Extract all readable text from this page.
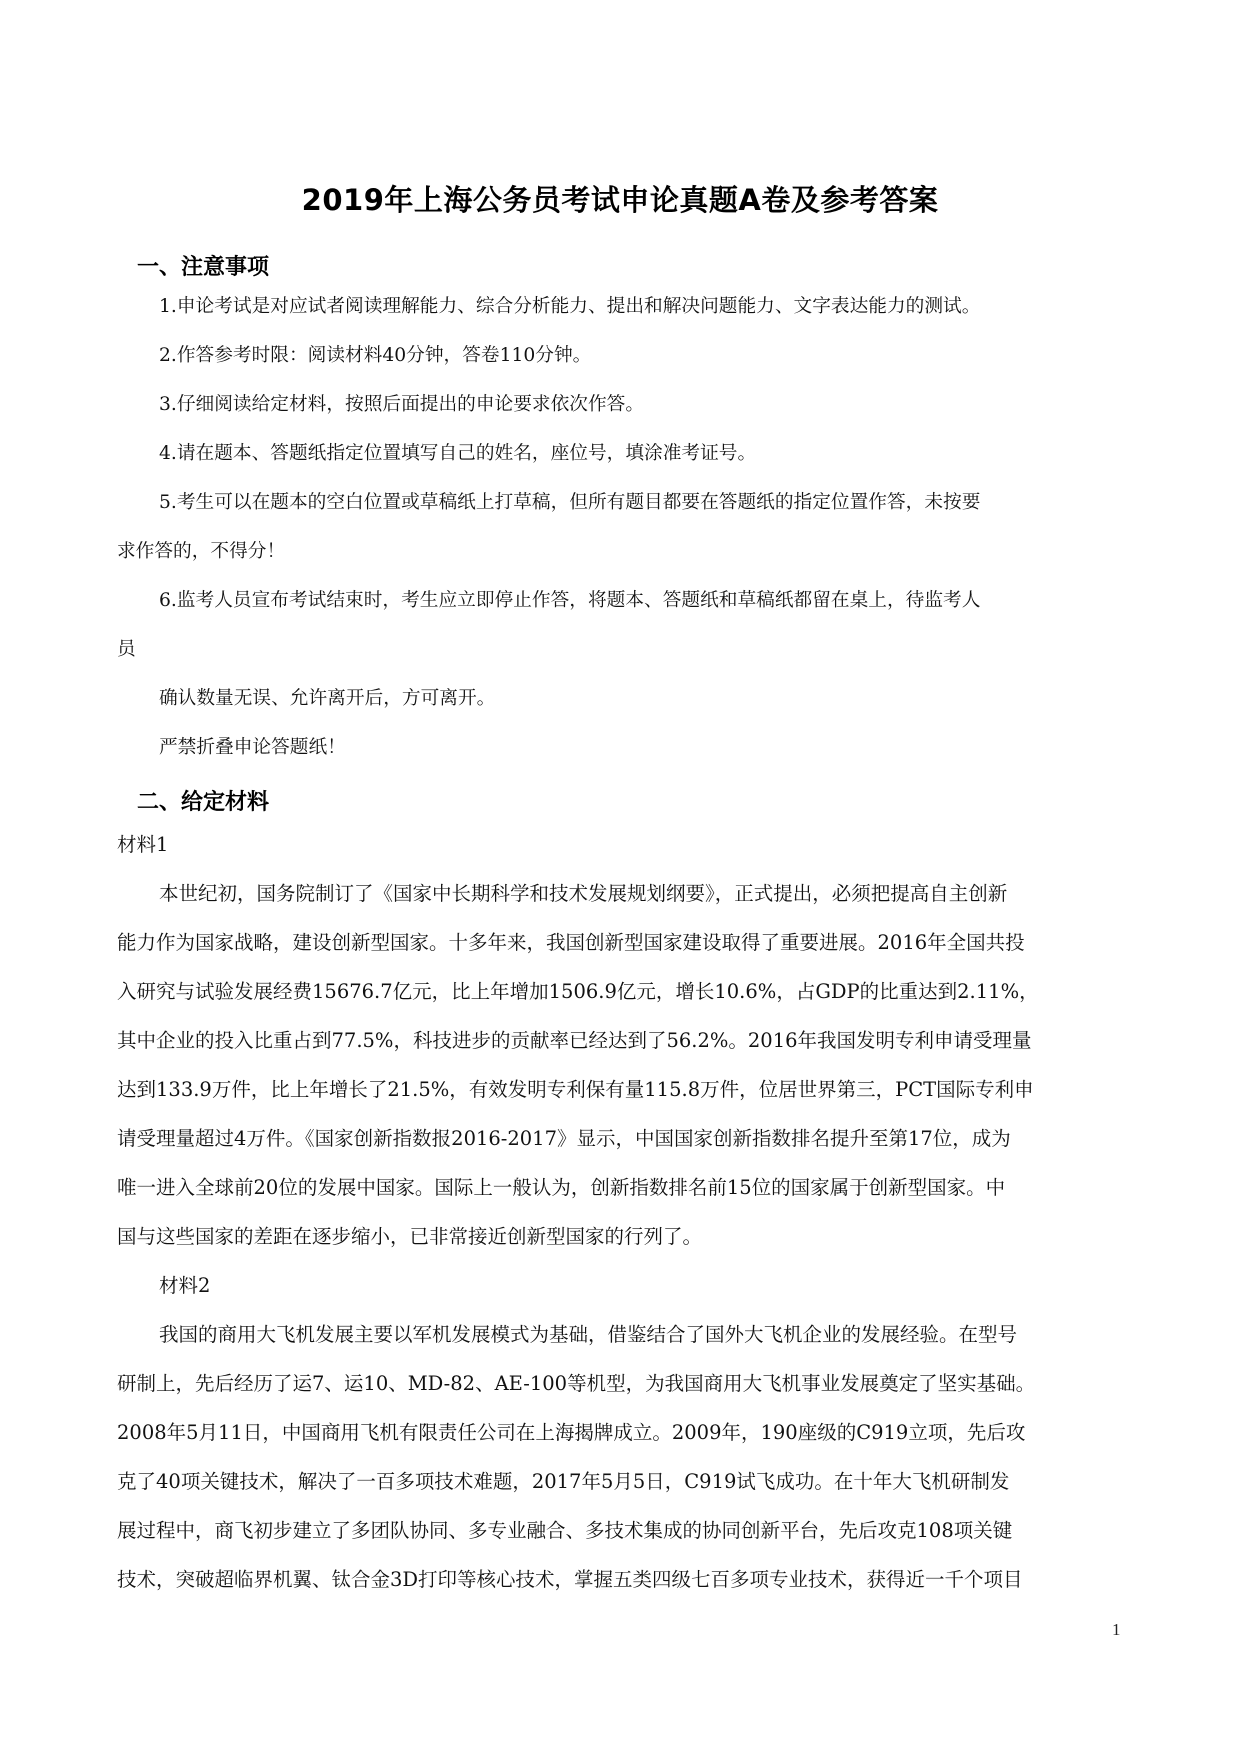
2019年上海公务员考试申论真题A卷及参考答案
一、注意事项
1.申论考试是对应试者阅读理解能力、综合分析能力、提出和解决问题能力、文字表达能力的测试。
2.作答参考时限：阅读材料40分钟，答卷110分钟。
3.仔细阅读给定材料，按照后面提出的申论要求依次作答。
4.请在题本、答题纸指定位置填写自己的姓名，座位号，填涂准考证号。
5.考生可以在题本的空白位置或草稿纸上打草稿，但所有题目都要在答题纸的指定位置作答，未按要
求作答的，不得分！
6.监考人员宣布考试结束时，考生应立即停止作答，将题本、答题纸和草稿纸都留在桌上，待监考人
员
确认数量无误、允许离开后，方可离开。
严禁折叠申论答题纸！
二、给定材料
材料1
本世纪初，国务院制订了《国家中长期科学和技术发展规划纲要》，正式提出，必须把提高自主创新
能力作为国家战略，建设创新型国家。十多年来，我国创新型国家建设取得了重要进展。2016年全国共投
入研究与试验发展经费15676.7亿元，比上年增加1506.9亿元，增长10.6%，占GDP的比重达到2.11%，
其中企业的投入比重占到77.5%，科技进步的贡献率已经达到了56.2%。2016年我国发明专利申请受理量
达到133.9万件，比上年增长了21.5%，有效发明专利保有量115.8万件，位居世界第三，PCT国际专利申
请受理量超过4万件。《国家创新指数报2016-2017》显示，中国国家创新指数排名提升至第17位，成为
唯一进入全球前20位的发展中国家。国际上一般认为，创新指数排名前15位的国家属于创新型国家。中
国与这些国家的差距在逐步缩小，已非常接近创新型国家的行列了。
材料2
我国的商用大飞机发展主要以军机发展模式为基础，借鉴结合了国外大飞机企业的发展经验。在型号
研制上，先后经历了运7、运10、MD-82、AE-100等机型，为我国商用大飞机事业发展奠定了坚实基础。
2008年5月11日，中国商用飞机有限责任公司在上海揭牌成立。2009年，190座级的C919立项，先后攻
克了40项关键技术，解决了一百多项技术难题，2017年5月5日，C919试飞成功。在十年大飞机研制发
展过程中，商飞初步建立了多团队协同、多专业融合、多技术集成的协同创新平台，先后攻克108项关键
技术，突破超临界机翼、钛合金3D打印等核心技术，掌握五类四级七百多项专业技术，获得近一千个项目
1
